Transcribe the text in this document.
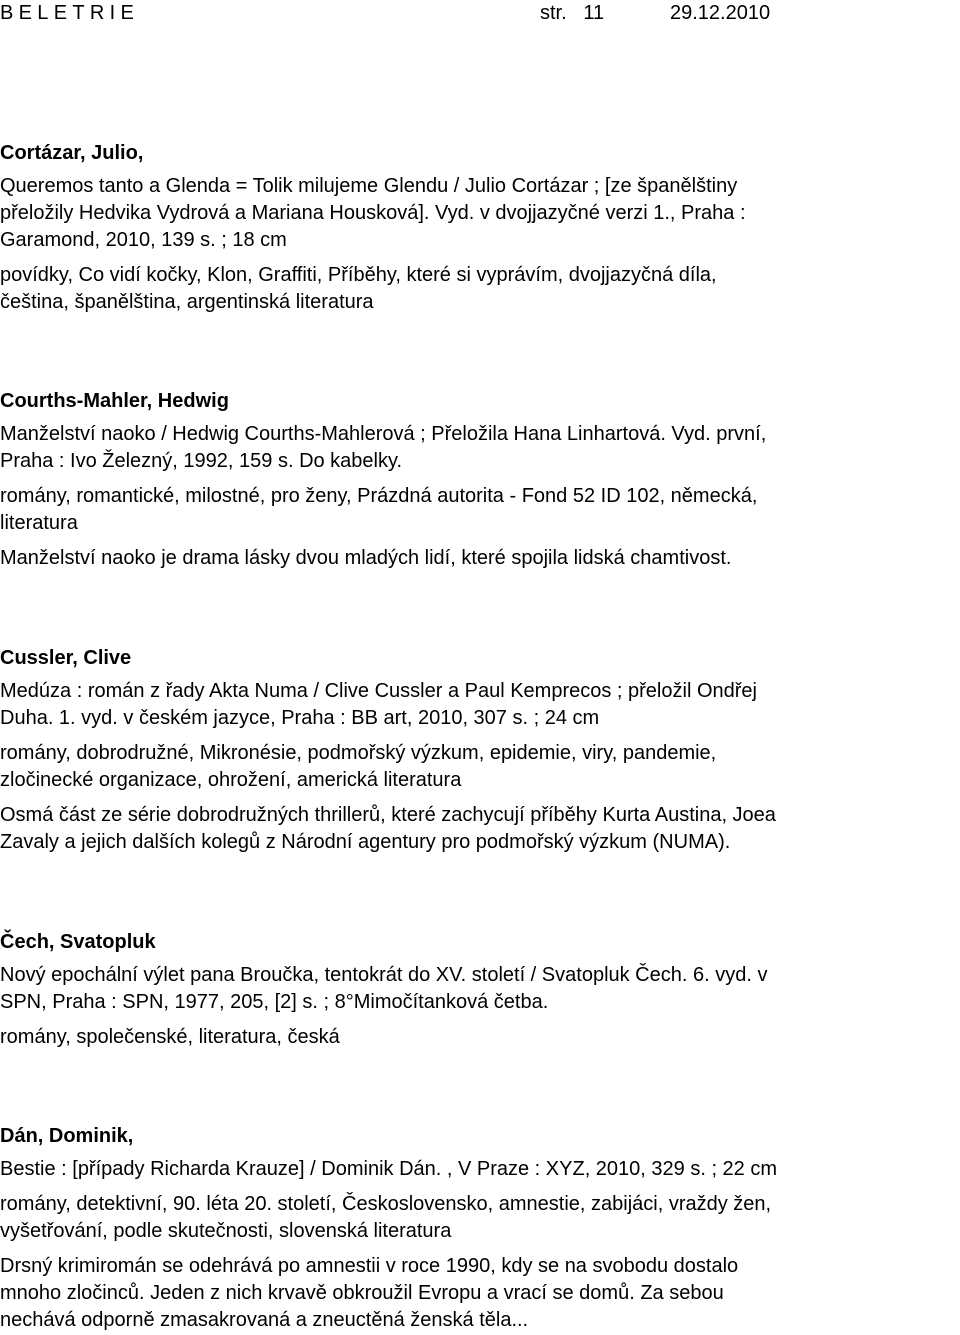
BELETRIE	str.   11	29.12.2010

Cortázar, Julio,

Queremos tanto a Glenda = Tolik milujeme Glendu / Julio Cortázar ; [ze španělštiny
přeložily Hedvika Vydrová a Mariana Housková]. Vyd. v dvojjazyčné verzi 1., Praha :
Garamond, 2010, 139 s. ; 18 cm

povídky, Co vidí kočky, Klon, Graffiti, Příběhy, které si vyprávím, dvojjazyčná díla,
čeština, španělština, argentinská literatura

Courths-Mahler, Hedwig

Manželství naoko / Hedwig Courths-Mahlerová ; Přeložila Hana Linhartová. Vyd. první,
Praha : Ivo Železný, 1992, 159 s. Do kabelky.

romány, romantické, milostné, pro ženy, Prázdná autorita - Fond 52 ID 102, německá,
literatura

Manželství naoko je drama lásky dvou mladých lidí, které spojila lidská chamtivost.

Cussler, Clive

Medúza : román z řady Akta Numa / Clive Cussler a Paul Kemprecos ; přeložil Ondřej
Duha. 1. vyd. v českém jazyce, Praha : BB art, 2010, 307 s. ; 24 cm

romány, dobrodružné, Mikronésie, podmořský výzkum, epidemie, viry, pandemie,
zločinecké organizace, ohrožení, americká literatura

Osmá část ze série dobrodružných thrillerů, které zachycují příběhy Kurta Austina, Joea
Zavaly a jejich dalších kolegů z Národní agentury pro podmořský výzkum (NUMA).

Čech, Svatopluk

Nový epochální výlet pana Broučka, tentokrát do XV. století / Svatopluk Čech. 6. vyd. v
SPN, Praha : SPN, 1977, 205, [2] s. ; 8°Mimočítanková četba.

romány, společenské, literatura, česká

Dán, Dominik,

Bestie : [případy Richarda Krauze] / Dominik Dán. , V Praze : XYZ, 2010, 329 s. ; 22 cm

romány, detektivní, 90. léta 20. století, Československo, amnestie, zabijáci, vraždy žen,
vyšetřování, podle skutečnosti, slovenská literatura

Drsný krimiromán se odehrává po amnestii v roce 1990, kdy se na svobodu dostalo
mnoho zločinců. Jeden z nich krvavě obkroužil Evropu a vrací se domů. Za sebou
nechává odporně zmasakrovaná a zneuctěná ženská těla...
